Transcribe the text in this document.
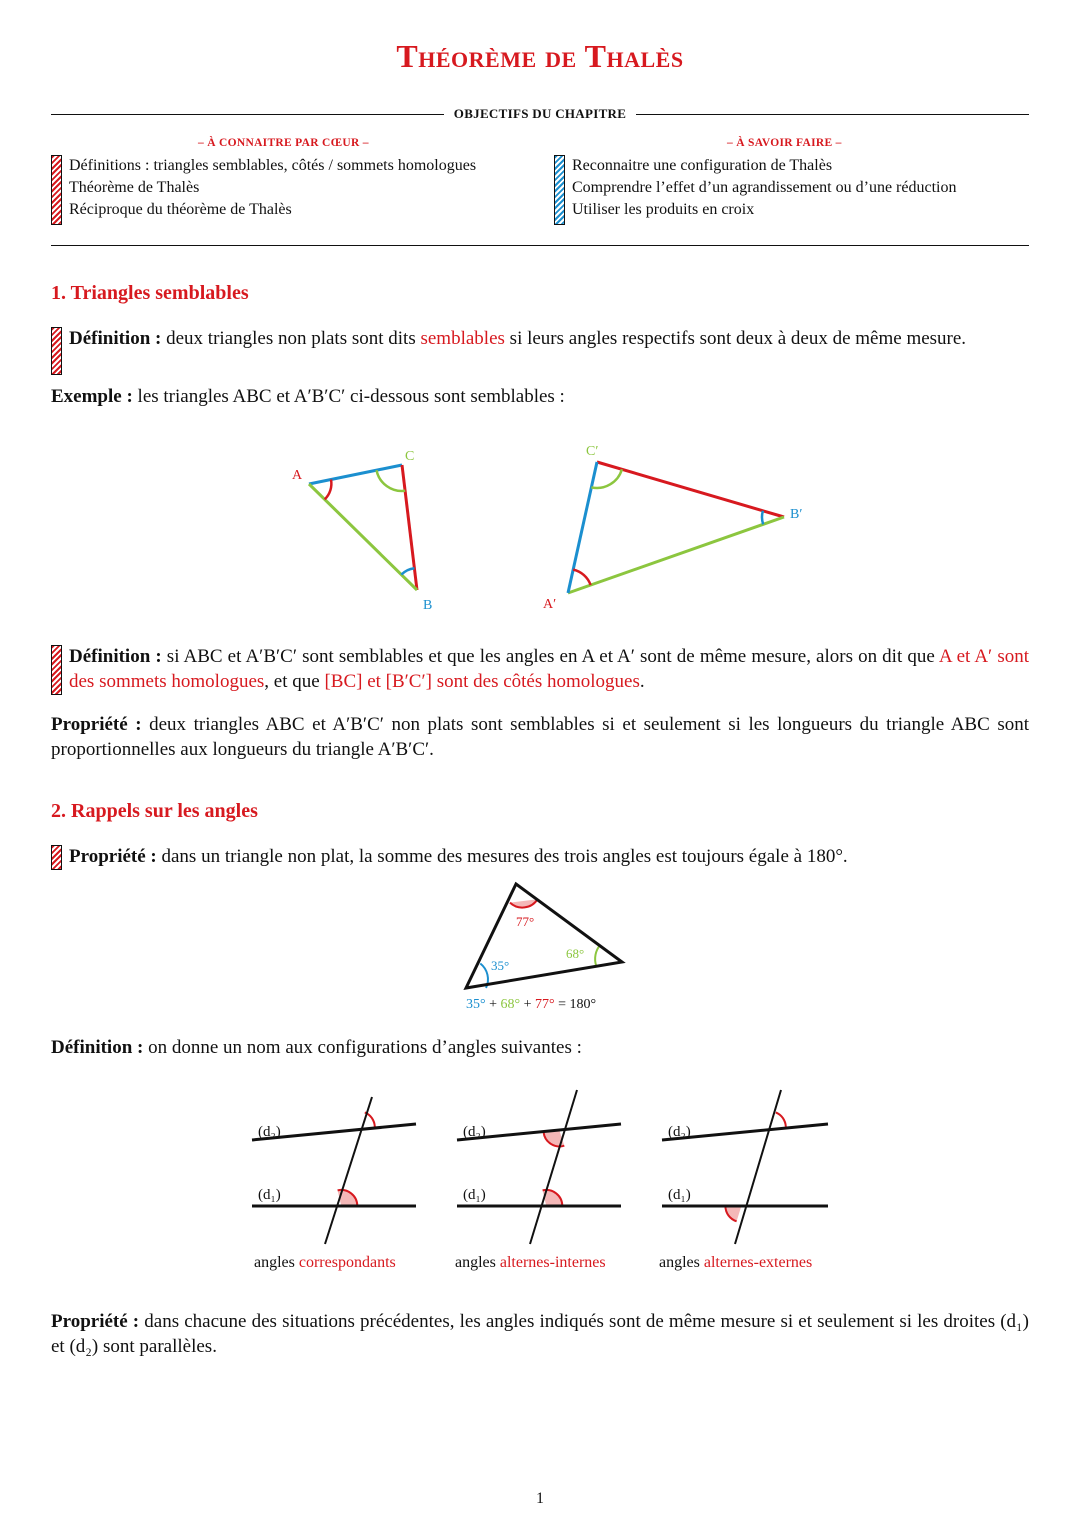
Théorème de Thalès
OBJECTIFS DU CHAPITRE
– À CONNAITRE PAR CŒUR –
Définitions : triangles semblables, côtés / sommets homologues
Théorème de Thalès
Réciproque du théorème de Thalès
– À SAVOIR FAIRE –
Reconnaitre une configuration de Thalès
Comprendre l’effet d’un agrandissement ou d’une réduction
Utiliser les produits en croix
1. Triangles semblables
Définition : deux triangles non plats sont dits semblables si leurs angles respectifs sont deux à deux de même mesure.
Exemple : les triangles ABC et A′B′C′ ci-dessous sont semblables :
A
C
B	A′
C′
B′
Définition : si ABC et A′B′C′ sont semblables et que les angles en A et A′ sont de même mesure, alors on dit que A et A′ sont des sommets homologues, et que [BC] et [B′C′] sont des côtés homologues.
Propriété : deux triangles ABC et A′B′C′ non plats sont semblables si et seulement si les longueurs du triangle ABC sont proportionnelles aux longueurs du triangle A′B′C′.
2. Rappels sur les angles
Propriété : dans un triangle non plat, la somme des mesures des trois angles est toujours égale à 180°.
77°
35°
68°
35° + 68° + 77° = 180°
Définition : on donne un nom aux configurations d’angles suivantes :
(d₂)
(d₁)
(d₂)
(d₁)
(d₂)
(d₁)
angles correspondants	angles alternes-internes	angles alternes-externes
Propriété : dans chacune des situations précédentes, les angles indiqués sont de même mesure si et seulement si les droites (d₁) et (d₂) sont parallèles.
1
